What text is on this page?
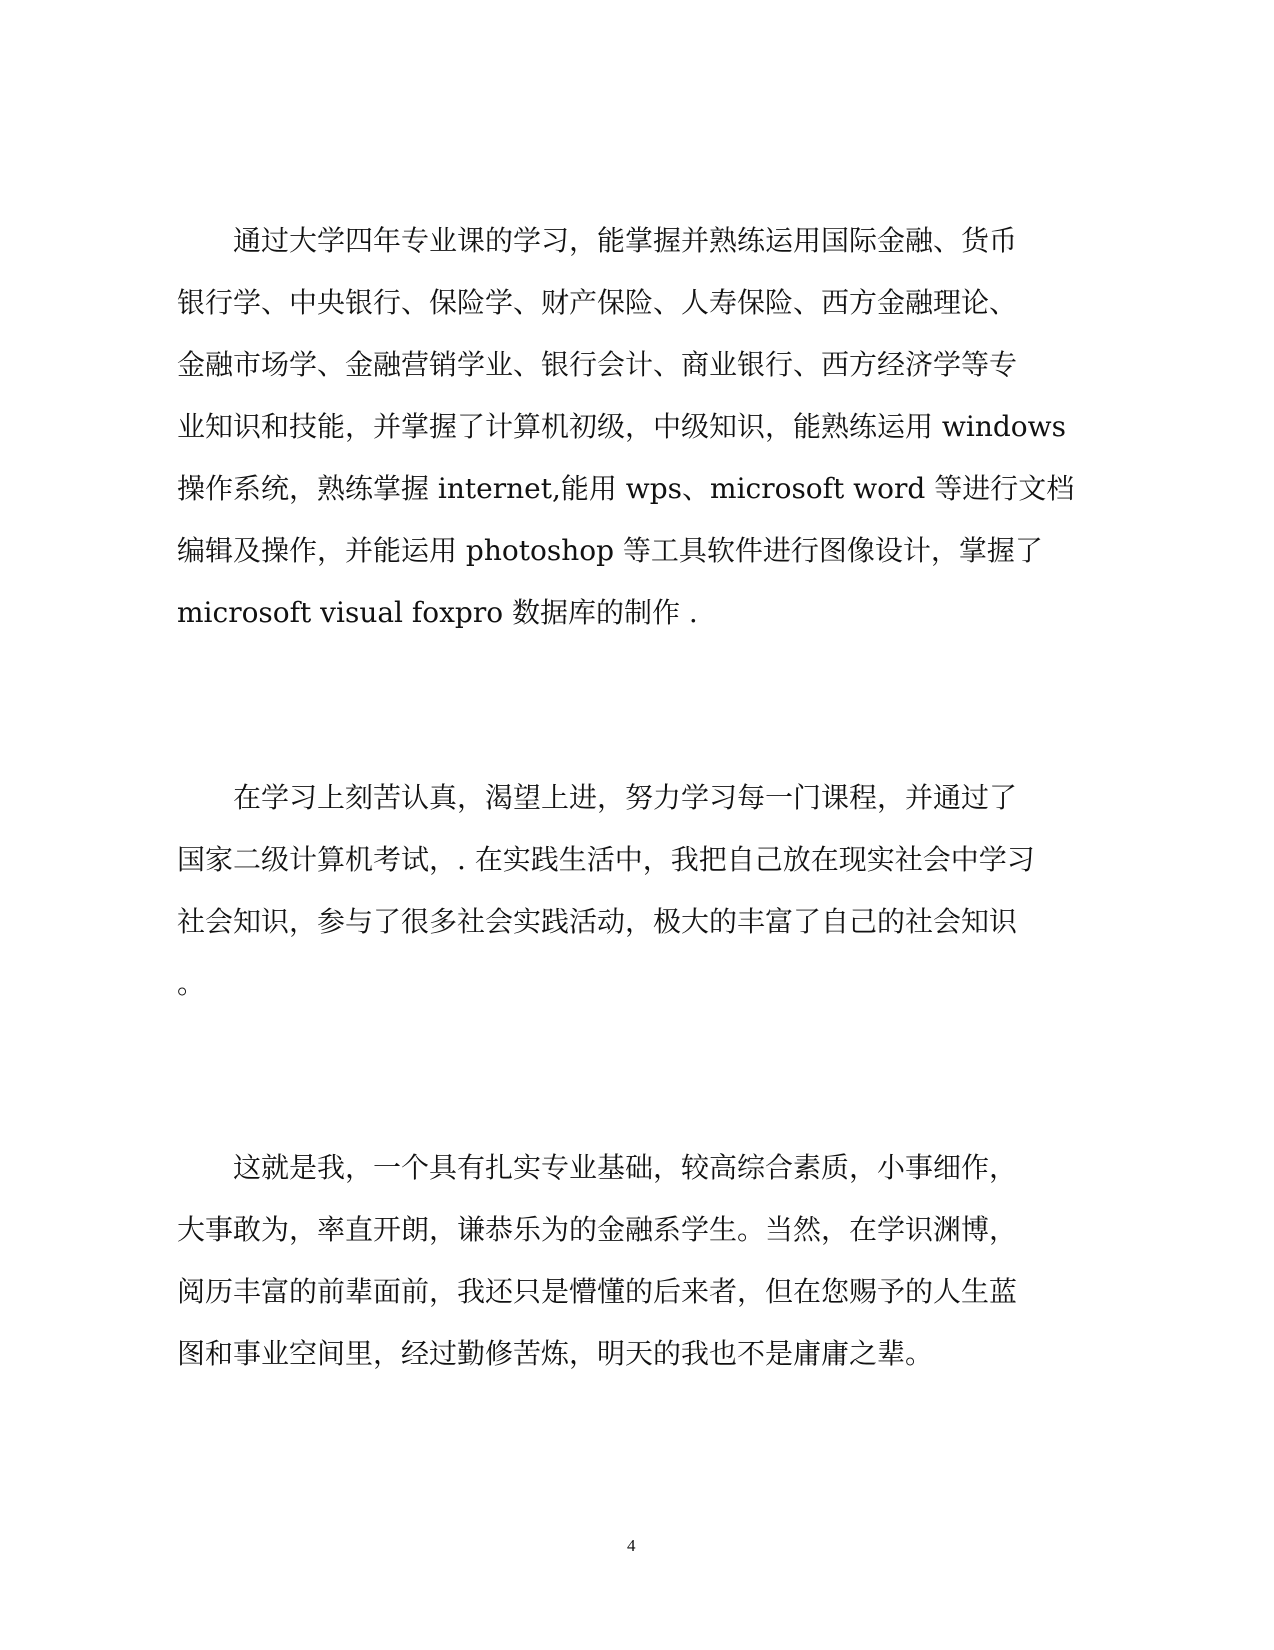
通过大学四年专业课的学习，能掌握并熟练运用国际金融、货币
银行学、中央银行、保险学、财产保险、人寿保险、西方金融理论、
金融市场学、金融营销学业、银行会计、商业银行、西方经济学等专
业知识和技能，并掌握了计算机初级，中级知识，能熟练运用 windows
操作系统，熟练掌握 internet,能用 wps、microsoft word 等进行文档
编辑及操作，并能运用 photoshop 等工具软件进行图像设计，掌握了
microsoft visual foxpro 数据库的制作 .
在学习上刻苦认真，渴望上进，努力学习每一门课程，并通过了
国家二级计算机考试，. 在实践生活中，我把自己放在现实社会中学习
社会知识，参与了很多社会实践活动，极大的丰富了自己的社会知识
。
这就是我，一个具有扎实专业基础，较高综合素质，小事细作，
大事敢为，率直开朗，谦恭乐为的金融系学生。当然，在学识渊博，
阅历丰富的前辈面前，我还只是懵懂的后来者，但在您赐予的人生蓝
图和事业空间里，经过勤修苦炼，明天的我也不是庸庸之辈。
4
